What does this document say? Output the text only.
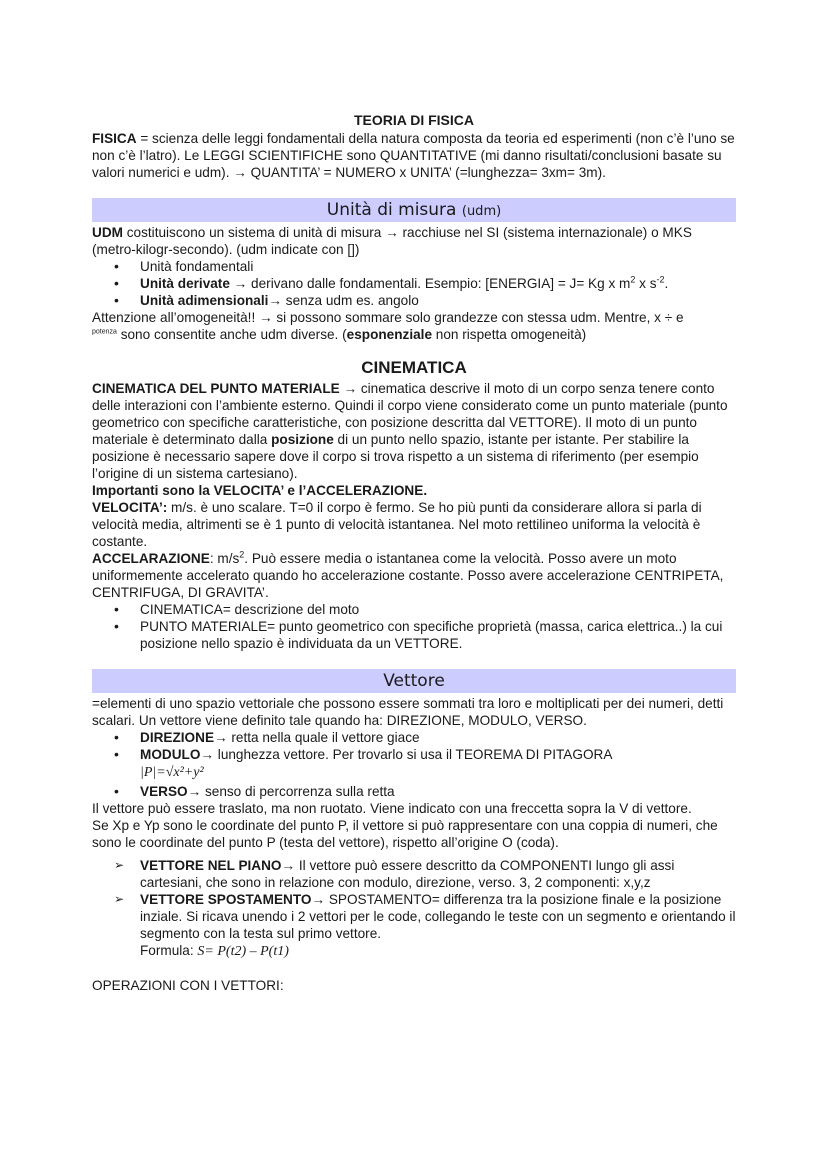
TEORIA DI FISICA

FISICA = scienza delle leggi fondamentali della natura composta da teoria ed esperimenti (non c’è l’uno se non c’è l’latro). Le LEGGI SCIENTIFICHE sono QUANTITATIVE (mi danno risultati/conclusioni basate su valori numerici e udm). → QUANTITA’ = NUMERO x UNITA’ (=lunghezza= 3xm= 3m).

Unità di misura (udm)

UDM costituiscono un sistema di unità di misura → racchiuse nel SI (sistema internazionale) o MKS (metro-kilogr-secondo). (udm indicate con [])

• Unità fondamentali
• Unità derivate → derivano dalle fondamentali. Esempio: [ENERGIA] = J= Kg x $m^2$ x $s^{-2}$.
• Unità adimensionali→ senza udm es. angolo

Attenzione all’omogeneità!! → si possono sommare solo grandezze con stessa udm. Mentre, x ÷ e
$^{potenza}$ sono consentite anche udm diverse. (esponenziale non rispetta omogeneità)

CINEMATICA

CINEMATICA DEL PUNTO MATERIALE → cinematica descrive il moto di un corpo senza tenere conto delle interazioni con l’ambiente esterno. Quindi il corpo viene considerato come un punto materiale (punto geometrico con specifiche caratteristiche, con posizione descritta dal VETTORE). Il moto di un punto materiale è determinato dalla posizione di un punto nello spazio, istante per istante. Per stabilire la posizione è necessario sapere dove il corpo si trova rispetto a un sistema di riferimento (per esempio l’origine di un sistema cartesiano).

Importanti sono la VELOCITA’ e l’ACCELERAZIONE.

VELOCITA’: m/s. è uno scalare. T=0 il corpo è fermo. Se ho più punti da considerare allora si parla di velocità media, altrimenti se è 1 punto di velocità istantanea. Nel moto rettilineo uniforma la velocità è costante.

ACCELARAZIONE: $m/s^2$. Può essere media o istantanea come la velocità. Posso avere un moto uniformemente accelerato quando ho accelerazione costante. Posso avere accelerazione CENTRIPETA, CENTRIFUGA, DI GRAVITA’.

• CINEMATICA= descrizione del moto
• PUNTO MATERIALE= punto geometrico con specifiche proprietà (massa, carica elettrica..) la cui posizione nello spazio è individuata da un VETTORE.
Vettore

=elementi di uno spazio vettoriale che possono essere sommati tra loro e moltiplicati per dei numeri, detti scalari. Un vettore viene definito tale quando ha: DIREZIONE, MODULO, VERSO.

• DIREZIONE→ retta nella quale il vettore giace
• MODULO→ lunghezza vettore. Per trovarlo si usa il TEOREMA DI PITAGORA
|P|=√x²+y²
• VERSO→ senso di percorrenza sulla retta

Il vettore può essere traslato, ma non ruotato. Viene indicato con una freccetta sopra la V di vettore.

Se Xp e Yp sono le coordinate del punto P, il vettore si può rappresentare con una coppia di numeri, che sono le coordinate del punto P (testa del vettore), rispetto all’origine O (coda).

➢ VETTORE NEL PIANO→ Il vettore può essere descritto da COMPONENTI lungo gli assi cartesiani, che sono in relazione con modulo, direzione, verso. 3, 2 componenti: x,y,z
➢ VETTORE SPOSTAMENTO→ SPOSTAMENTO= differenza tra la posizione finale e la posizione inziale. Si ricava unendo i 2 vettori per le code, collegando le teste con un segmento e orientando il segmento con la testa sul primo vettore.
Formula: S= P(t2) – P(t1)

OPERAZIONI CON I VETTORI:
